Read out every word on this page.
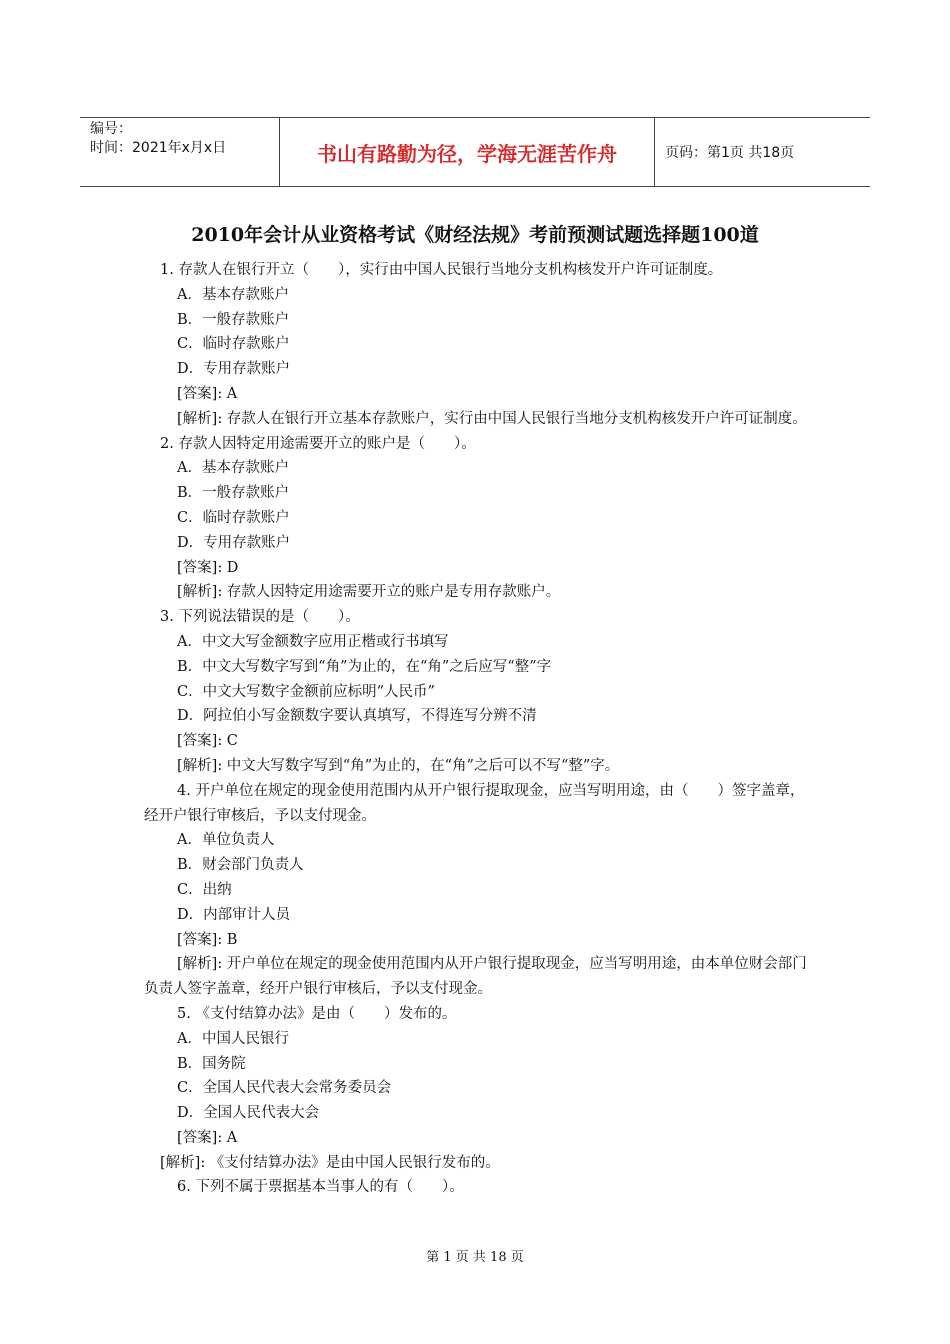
编号：
时间：2021年x月x日	书山有路勤为径，学海无涯苦作舟	页码：第1页 共18页
2010年会计从业资格考试《财经法规》考前预测试题选择题100道

1. 存款人在银行开立（　　），实行由中国人民银行当地分支机构核发开户许可证制度。

A．基本存款账户

B．一般存款账户

C．临时存款账户

D．专用存款账户

[答案]: A

[解析]: 存款人在银行开立基本存款账户，实行由中国人民银行当地分支机构核发开户许可证制度。

2. 存款人因特定用途需要开立的账户是（　　）。

A．基本存款账户

B．一般存款账户

C．临时存款账户

D．专用存款账户

[答案]: D

[解析]: 存款人因特定用途需要开立的账户是专用存款账户。

3. 下列说法错误的是（　　）。

A．中文大写金额数字应用正楷或行书填写

B．中文大写数字写到“角”为止的，在“角”之后应写“整”字

C．中文大写数字金额前应标明“人民币”

D．阿拉伯小写金额数字要认真填写，不得连写分辨不清

[答案]: C

[解析]: 中文大写数字写到“角”为止的，在“角”之后可以不写“整”字。

4. 开户单位在规定的现金使用范围内从开户银行提取现金，应当写明用途，由（　　）签字盖章，经开户银行审核后，予以支付现金。

A．单位负责人

B．财会部门负责人

C．出纳

D．内部审计人员

[答案]: B

[解析]: 开户单位在规定的现金使用范围内从开户银行提取现金，应当写明用途，由本单位财会部门负责人签字盖章，经开户银行审核后，予以支付现金。

5. 《支付结算办法》是由（　　）发布的。

A．中国人民银行

B．国务院

C．全国人民代表大会常务委员会

D．全国人民代表大会

[答案]: A

[解析]: 《支付结算办法》是由中国人民银行发布的。

6. 下列不属于票据基本当事人的有（　　）。

第 1 页 共 18 页
